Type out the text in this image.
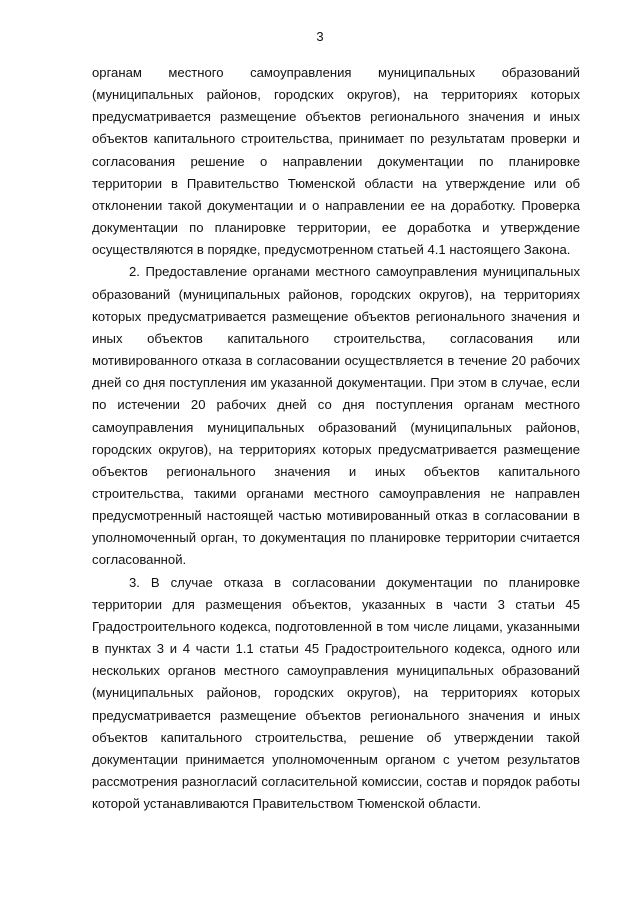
3

органам местного самоуправления муниципальных образований (муниципальных районов, городских округов), на территориях которых предусматривается размещение объектов регионального значения и иных объектов капитального строительства, принимает по результатам проверки и согласования решение о направлении документации по планировке территории в Правительство Тюменской области на утверждение или об отклонении такой документации и о направлении ее на доработку. Проверка документации по планировке территории, ее доработка и утверждение осуществляются в порядке, предусмотренном статьей 4.1 настоящего Закона.

2. Предоставление органами местного самоуправления муниципальных образований (муниципальных районов, городских округов), на территориях которых предусматривается размещение объектов регионального значения и иных объектов капитального строительства, согласования или мотивированного отказа в согласовании осуществляется в течение 20 рабочих дней со дня поступления им указанной документации. При этом в случае, если по истечении 20 рабочих дней со дня поступления органам местного самоуправления муниципальных образований (муниципальных районов, городских округов), на территориях которых предусматривается размещение объектов регионального значения и иных объектов капитального строительства, такими органами местного самоуправления не направлен предусмотренный настоящей частью мотивированный отказ в согласовании в уполномоченный орган, то документация по планировке территории считается согласованной.

3. В случае отказа в согласовании документации по планировке территории для размещения объектов, указанных в части 3 статьи 45 Градостроительного кодекса, подготовленной в том числе лицами, указанными в пунктах 3 и 4 части 1.1 статьи 45 Градостроительного кодекса, одного или нескольких органов местного самоуправления муниципальных образований (муниципальных районов, городских округов), на территориях которых предусматривается размещение объектов регионального значения и иных объектов капитального строительства, решение об утверждении такой документации принимается уполномоченным органом с учетом результатов рассмотрения разногласий согласительной комиссии, состав и порядок работы которой устанавливаются Правительством Тюменской области.
